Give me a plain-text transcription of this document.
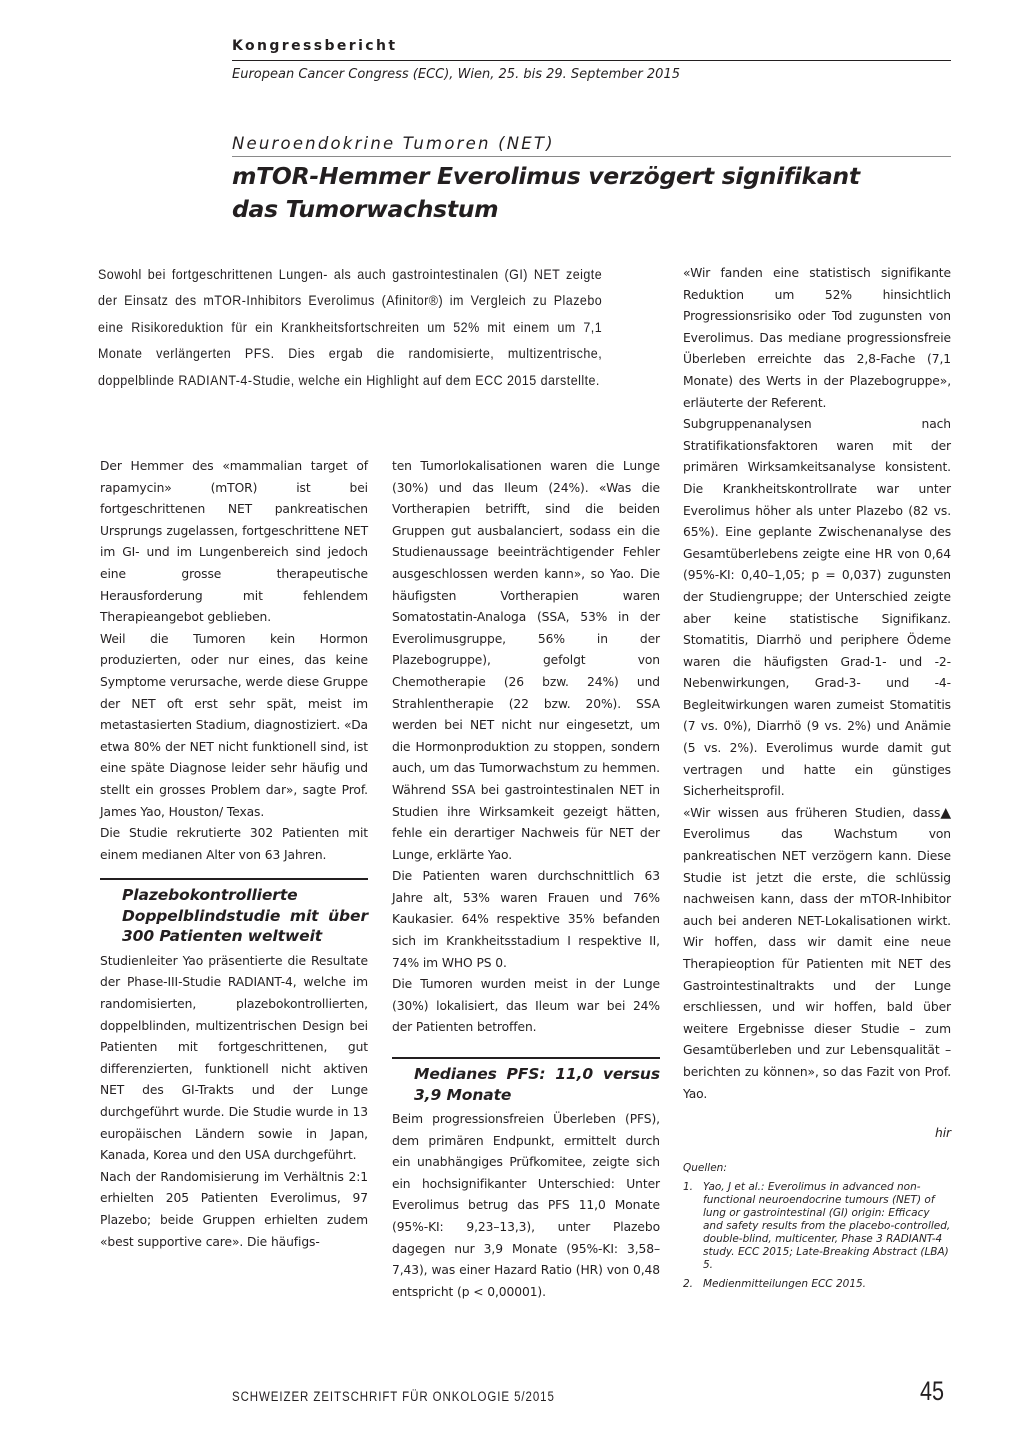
Kongressbericht
European Cancer Congress (ECC), Wien, 25. bis 29. September 2015
Neuroendokrine Tumoren (NET)
mTOR-Hemmer Everolimus verzögert signifikant
das Tumorwachstum
Sowohl bei fortgeschrittenen Lungen- als auch gastrointestinalen (GI) NET zeigte der Einsatz des mTOR-Inhibitors Everolimus (Afinitor®) im Vergleich zu Plazebo eine Risikoreduktion für ein Krankheitsfortschreiten um 52% mit einem um 7,1 Monate verlängerten PFS. Dies ergab die randomisierte, multizentrische, doppelblinde RADIANT-4-Studie, welche ein Highlight auf dem ECC 2015 darstellte.

Der Hemmer des «mammalian target of rapamycin» (mTOR) ist bei fortgeschrittenen NET pankreatischen Ursprungs zugelassen, fortgeschrittene NET im GI- und im Lungenbereich sind jedoch eine grosse therapeutische Herausforderung mit fehlendem Therapieangebot geblieben.

Weil die Tumoren kein Hormon produzierten, oder nur eines, das keine Symptome verursache, werde diese Gruppe der NET oft erst sehr spät, meist im metastasierten Stadium, diagnostiziert. «Da etwa 80% der NET nicht funktionell sind, ist eine späte Diagnose leider sehr häufig und stellt ein grosses Problem dar», sagte Prof. James Yao, Houston/ Texas.

Die Studie rekrutierte 302 Patienten mit einem medianen Alter von 63 Jahren.

Plazebokontrollierte Doppelblindstudie mit über 300 Patienten weltweit

Studienleiter Yao präsentierte die Resultate der Phase-III-Studie RADIANT-4, welche im randomisierten, plazebokontrollierten, doppelblinden, multizentrischen Design bei Patienten mit fortgeschrittenen, gut differenzierten, funktionell nicht aktiven NET des GI-Trakts und der Lunge durchgeführt wurde. Die Studie wurde in 13 europäischen Ländern sowie in Japan, Kanada, Korea und den USA durchgeführt.

Nach der Randomisierung im Verhältnis 2:1 erhielten 205 Patienten Everolimus, 97 Plazebo; beide Gruppen erhielten zudem «best supportive care». Die häufigs-

ten Tumorlokalisationen waren die Lunge (30%) und das Ileum (24%). «Was die Vortherapien betrifft, sind die beiden Gruppen gut ausbalanciert, sodass ein die Studienaussage beeinträchtigender Fehler ausgeschlossen werden kann», so Yao. Die häufigsten Vortherapien waren Somatostatin-Analoga (SSA, 53% in der Everolimusgruppe, 56% in der Plazebogruppe), gefolgt von Chemotherapie (26 bzw. 24%) und Strahlentherapie (22 bzw. 20%). SSA werden bei NET nicht nur eingesetzt, um die Hormonproduktion zu stoppen, sondern auch, um das Tumorwachstum zu hemmen. Während SSA bei gastrointestinalen NET in Studien ihre Wirksamkeit gezeigt hätten, fehle ein derartiger Nachweis für NET der Lunge, erklärte Yao.

Die Patienten waren durchschnittlich 63 Jahre alt, 53% waren Frauen und 76% Kaukasier. 64% respektive 35% befanden sich im Krankheitsstadium I respektive II, 74% im WHO PS 0.

Die Tumoren wurden meist in der Lunge (30%) lokalisiert, das Ileum war bei 24% der Patienten betroffen.

Medianes PFS: 11,0 versus 3,9 Monate

Beim progressionsfreien Überleben (PFS), dem primären Endpunkt, ermittelt durch ein unabhängiges Prüfkomitee, zeigte sich ein hochsignifikanter Unterschied: Unter Everolimus betrug das PFS 11,0 Monate (95%-KI: 9,23–13,3), unter Plazebo dagegen nur 3,9 Monate (95%-KI: 3,58–7,43), was einer Hazard Ratio (HR) von 0,48 entspricht (p < 0,00001).

«Wir fanden eine statistisch signifikante Reduktion um 52% hinsichtlich Progressionsrisiko oder Tod zugunsten von Everolimus. Das mediane progressionsfreie Überleben erreichte das 2,8-Fache (7,1 Monate) des Werts in der Plazebogruppe», erläuterte der Referent.

Subgruppenanalysen nach Stratifikationsfaktoren waren mit der primären Wirksamkeitsanalyse konsistent. Die Krankheitskontrollrate war unter Everolimus höher als unter Plazebo (82 vs. 65%). Eine geplante Zwischenanalyse des Gesamtüberlebens zeigte eine HR von 0,64 (95%-KI: 0,40–1,05; p = 0,037) zugunsten der Studiengruppe; der Unterschied zeigte aber keine statistische Signifikanz. Stomatitis, Diarrhö und periphere Ödeme waren die häufigsten Grad-1- und -2-Nebenwirkungen, Grad-3- und -4-Begleitwirkungen waren zumeist Stomatitis (7 vs. 0%), Diarrhö (9 vs. 2%) und Anämie (5 vs. 2%). Everolimus wurde damit gut vertragen und hatte ein günstiges Sicherheitsprofil.

▲
«Wir wissen aus früheren Studien, dass Everolimus das Wachstum von pankreatischen NET verzögern kann. Diese Studie ist jetzt die erste, die schlüssig nachweisen kann, dass der mTOR-Inhibitor auch bei anderen NET-Lokalisationen wirkt. Wir hoffen, dass wir damit eine neue Therapieoption für Patienten mit NET des Gastrointestinaltrakts und der Lunge erschliessen, und wir hoffen, bald über weitere Ergebnisse dieser Studie – zum Gesamtüberleben und zur Lebensqualität – berichten zu können», so das Fazit von Prof. Yao.

hir
Quellen:
1. Yao, J et al.: Everolimus in advanced non-functional neuroendocrine tumours (NET) of lung or gastrointestinal (GI) origin: Efficacy and safety results from the placebo-controlled, double-blind, multicenter, Phase 3 RADIANT-4 study. ECC 2015; Late-Breaking Abstract (LBA) 5.
2. Medienmitteilungen ECC 2015.
SCHWEIZER ZEITSCHRIFT FÜR ONKOLOGIE 5/2015	45
